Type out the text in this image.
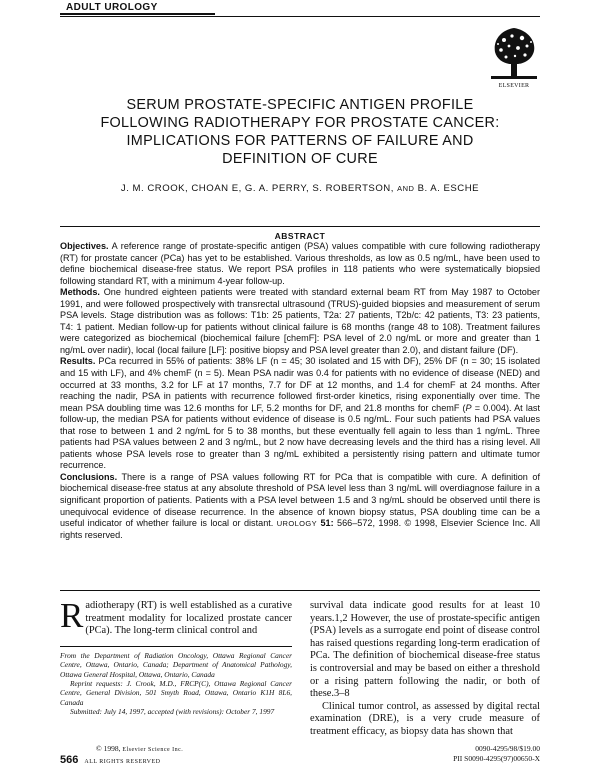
ADULT UROLOGY
ELSEVIER
SERUM PROSTATE-SPECIFIC ANTIGEN PROFILE
FOLLOWING RADIOTHERAPY FOR PROSTATE CANCER:
IMPLICATIONS FOR PATTERNS OF FAILURE AND
DEFINITION OF CURE
J. M. CROOK, CHOAN E, G. A. PERRY, S. ROBERTSON, AND B. A. ESCHE
ABSTRACT

Objectives. A reference range of prostate-specific antigen (PSA) values compatible with cure following radiotherapy (RT) for prostate cancer (PCa) has yet to be established. Various thresholds, as low as 0.5 ng/mL, have been used to define biochemical disease-free status. We report PSA profiles in 118 patients who were systematically biopsied following standard RT, with a minimum 4-year follow-up.

Methods. One hundred eighteen patients were treated with standard external beam RT from May 1987 to October 1991, and were followed prospectively with transrectal ultrasound (TRUS)-guided biopsies and measurement of serum PSA levels. Stage distribution was as follows: T1b: 25 patients, T2a: 27 patients, T2b/c: 42 patients, T3: 23 patients, T4: 1 patient. Median follow-up for patients without clinical failure is 68 months (range 48 to 108). Treatment failures were categorized as biochemical (biochemical failure [chemF]: PSA level of 2.0 ng/mL or more and greater than 1 ng/mL over nadir), local (local failure [LF]: positive biopsy and PSA level greater than 2.0), and distant failure (DF).

Results. PCa recurred in 55% of patients: 38% LF (n = 45; 30 isolated and 15 with DF), 25% DF (n = 30; 15 isolated and 15 with LF), and 4% chemF (n = 5). Mean PSA nadir was 0.4 for patients with no evidence of disease (NED) and occurred at 33 months, 3.2 for LF at 17 months, 7.7 for DF at 12 months, and 1.4 for chemF at 24 months. After reaching the nadir, PSA in patients with recurrence followed first-order kinetics, rising exponentially over time. The mean PSA doubling time was 12.6 months for LF, 5.2 months for DF, and 21.8 months for chemF (P = 0.004). At last follow-up, the median PSA for patients without evidence of disease is 0.5 ng/mL. Four such patients had PSA values that rose to between 1 and 2 ng/mL for 5 to 38 months, but these eventually fell again to less than 1 ng/mL. Three patients had PSA values between 2 and 3 ng/mL, but 2 now have decreasing levels and the third has a rising level. All patients whose PSA levels rose to greater than 3 ng/mL exhibited a persistently rising pattern and ultimate tumor recurrence.

Conclusions. There is a range of PSA values following RT for PCa that is compatible with cure. A definition of biochemical disease-free status at any absolute threshold of PSA level less than 3 ng/mL will overdiagnose failure in a significant proportion of patients. Patients with a PSA level between 1.5 and 3 ng/mL should be observed until there is unequivocal evidence of disease recurrence. In the absence of known biopsy status, PSA doubling time can be a useful indicator of whether failure is local or distant. UROLOGY 51: 566–572, 1998. © 1998, Elsevier Science Inc. All rights reserved.

Radiotherapy (RT) is well established as a curative treatment modality for localized prostate cancer (PCa). The long-term clinical control and

From the Department of Radiation Oncology, Ottawa Regional Cancer Centre, Ottawa, Ontario, Canada; Department of Anatomical Pathology, Ottawa General Hospital, Ottawa, Ontario, Canada

Reprint requests: J. Crook, M.D., FRCP(C), Ottawa Regional Cancer Centre, General Division, 501 Smyth Road, Ottawa, Ontario K1H 8L6, Canada

Submitted: July 14, 1997, accepted (with revisions): October 7, 1997

survival data indicate good results for at least 10 years.1,2 However, the use of prostate-specific antigen (PSA) levels as a surrogate end point of disease control has raised questions regarding long-term eradication of PCa. The definition of biochemical disease-free status is controversial and may be based on either a threshold or a rising pattern following the nadir, or both of these.3–8

Clinical tumor control, as assessed by digital rectal examination (DRE), is a very crude measure of treatment efficacy, as biopsy data has shown that

© 1998, Elsevier Science Inc.
566 ALL RIGHTS RESERVED
0090-4295/98/$19.00
PII S0090-4295(97)00650-X
